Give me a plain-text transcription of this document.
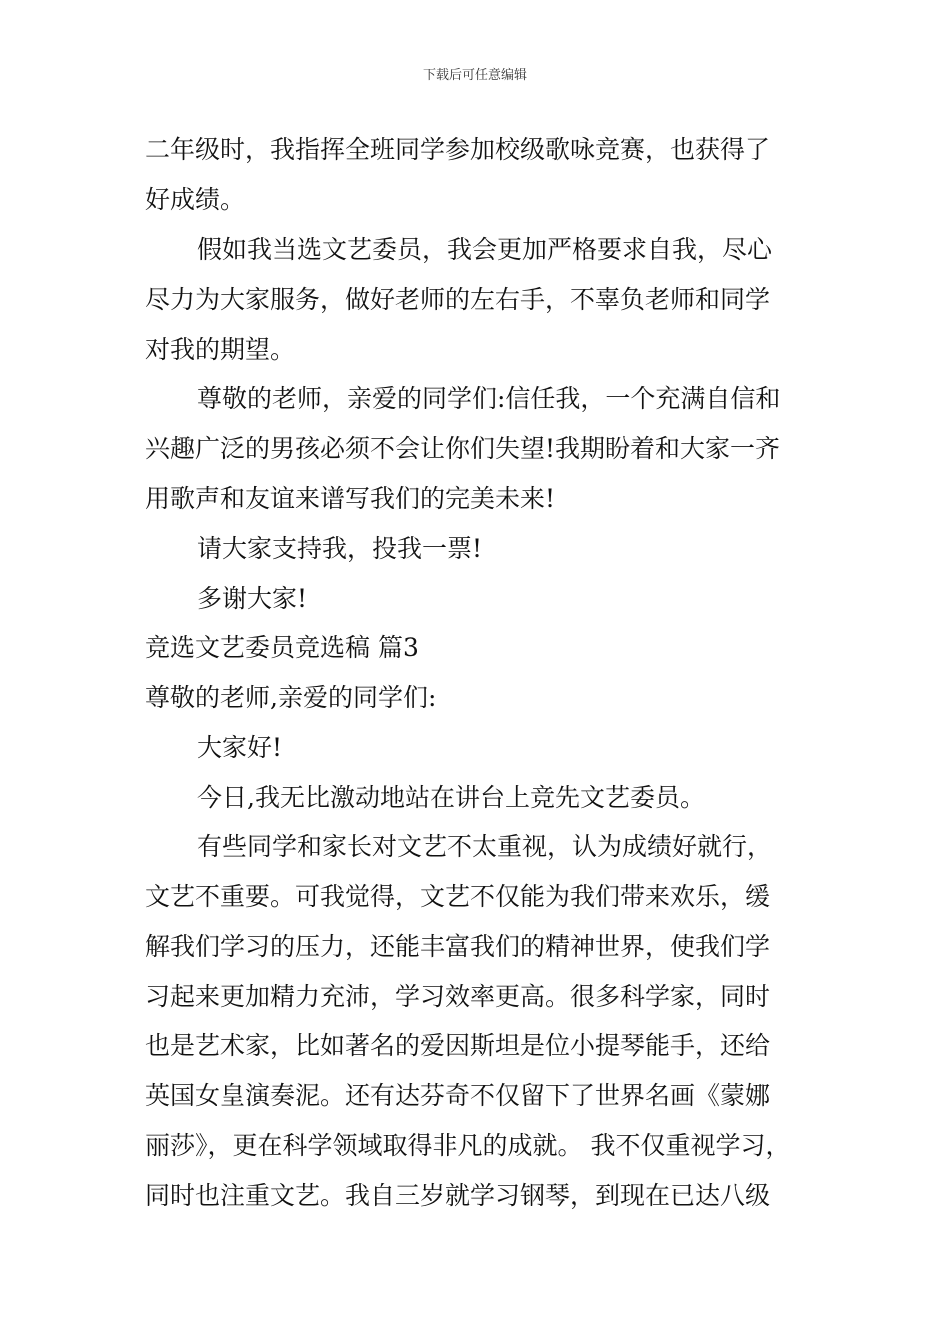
下载后可任意编辑
二年级时，我指挥全班同学参加校级歌咏竞赛，也获得了
好成绩。
假如我当选文艺委员，我会更加严格要求自我，尽心
尽力为大家服务，做好老师的左右手，不辜负老师和同学
对我的期望。
尊敬的老师，亲爱的同学们:信任我，一个充满自信和
兴趣广泛的男孩必须不会让你们失望!我期盼着和大家一齐
用歌声和友谊来谱写我们的完美未来!
请大家支持我，投我一票!
多谢大家!
竞选文艺委员竞选稿 篇3
尊敬的老师,亲爱的同学们:
大家好!
今日,我无比激动地站在讲台上竞先文艺委员。
有些同学和家长对文艺不太重视，认为成绩好就行，
文艺不重要。可我觉得，文艺不仅能为我们带来欢乐，缓
解我们学习的压力，还能丰富我们的精神世界，使我们学
习起来更加精力充沛，学习效率更高。很多科学家，同时
也是艺术家，比如著名的爱因斯坦是位小提琴能手，还给
英国女皇演奏泥。还有达芬奇不仅留下了世界名画《蒙娜
丽莎》，更在科学领域取得非凡的成就。 我不仅重视学习，
同时也注重文艺。我自三岁就学习钢琴，到现在已达八级
